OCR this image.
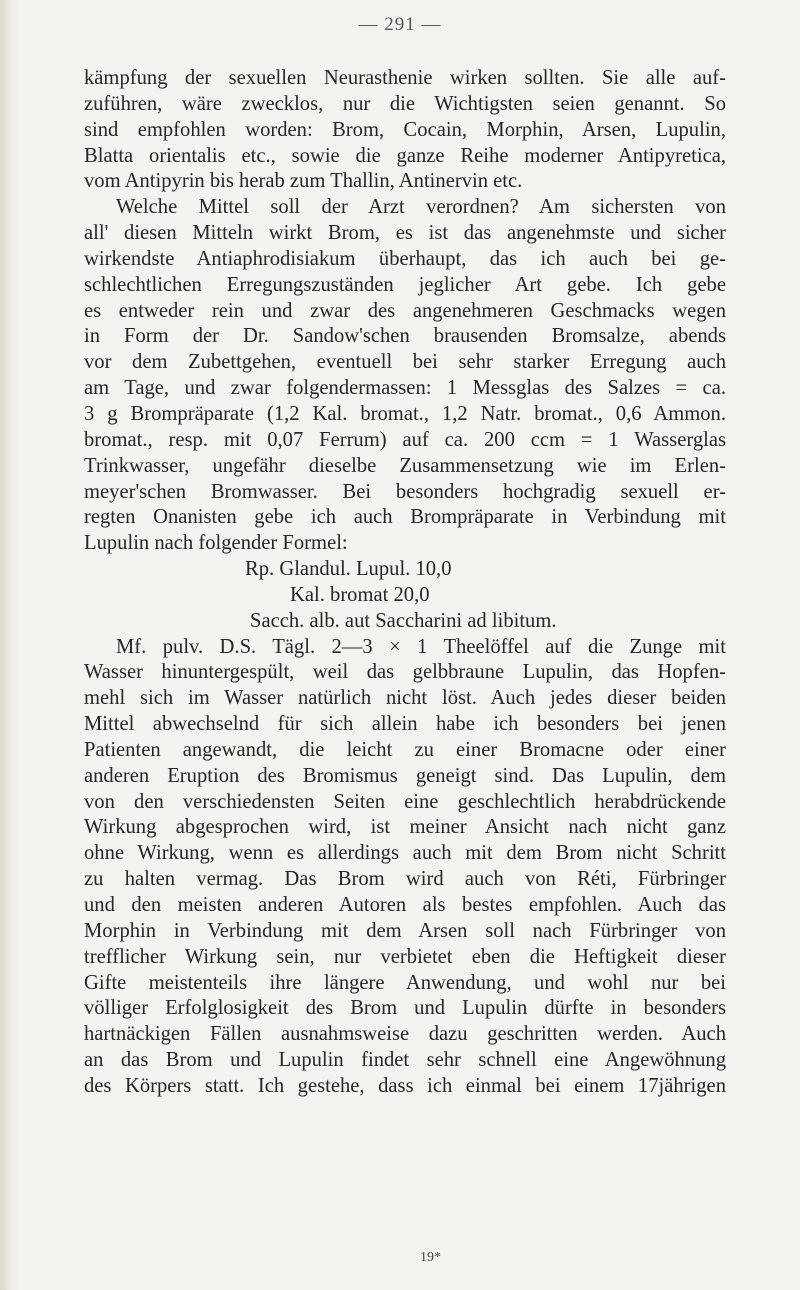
— 291 —
kämpfung der sexuellen Neurasthenie wirken sollten. Sie alle auf-
zuführen, wäre zwecklos, nur die Wichtigsten seien genannt. So
sind empfohlen worden: Brom, Cocain, Morphin, Arsen, Lupulin,
Blatta orientalis etc., sowie die ganze Reihe moderner Antipyretica,
vom Antipyrin bis herab zum Thallin, Antinervin etc.
Welche Mittel soll der Arzt verordnen? Am sichersten von
all' diesen Mitteln wirkt Brom, es ist das angenehmste und sicher
wirkendste Antiaphrodisiakum überhaupt, das ich auch bei ge-
schlechtlichen Erregungszuständen jeglicher Art gebe. Ich gebe
es entweder rein und zwar des angenehmeren Geschmacks wegen
in Form der Dr. Sandow'schen brausenden Bromsalze, abends
vor dem Zubettgehen, eventuell bei sehr starker Erregung auch
am Tage, und zwar folgendermassen: 1 Messglas des Salzes = ca.
3 g Brompräparate (1,2 Kal. bromat., 1,2 Natr. bromat., 0,6 Ammon.
bromat., resp. mit 0,07 Ferrum) auf ca. 200 ccm = 1 Wasserglas
Trinkwasser, ungefähr dieselbe Zusammensetzung wie im Erlen-
meyer'schen Bromwasser. Bei besonders hochgradig sexuell er-
regten Onanisten gebe ich auch Brompräparate in Verbindung mit
Lupulin nach folgender Formel:
Rp. Glandul. Lupul. 10,0
Kal. bromat 20,0
Sacch. alb. aut Saccharini ad libitum.
Mf. pulv. D.S. Tägl. 2—3 × 1 Theelöffel auf die Zunge mit
Wasser hinuntergespült, weil das gelbbraune Lupulin, das Hopfen-
mehl sich im Wasser natürlich nicht löst. Auch jedes dieser beiden
Mittel abwechselnd für sich allein habe ich besonders bei jenen
Patienten angewandt, die leicht zu einer Bromacne oder einer
anderen Eruption des Bromismus geneigt sind. Das Lupulin, dem
von den verschiedensten Seiten eine geschlechtlich herabdrückende
Wirkung abgesprochen wird, ist meiner Ansicht nach nicht ganz
ohne Wirkung, wenn es allerdings auch mit dem Brom nicht Schritt
zu halten vermag. Das Brom wird auch von Réti, Fürbringer
und den meisten anderen Autoren als bestes empfohlen. Auch das
Morphin in Verbindung mit dem Arsen soll nach Fürbringer von
trefflicher Wirkung sein, nur verbietet eben die Heftigkeit dieser
Gifte meistenteils ihre längere Anwendung, und wohl nur bei
völliger Erfolglosigkeit des Brom und Lupulin dürfte in besonders
hartnäckigen Fällen ausnahmsweise dazu geschritten werden. Auch
an das Brom und Lupulin findet sehr schnell eine Angewöhnung
des Körpers statt. Ich gestehe, dass ich einmal bei einem 17jährigen
19*
